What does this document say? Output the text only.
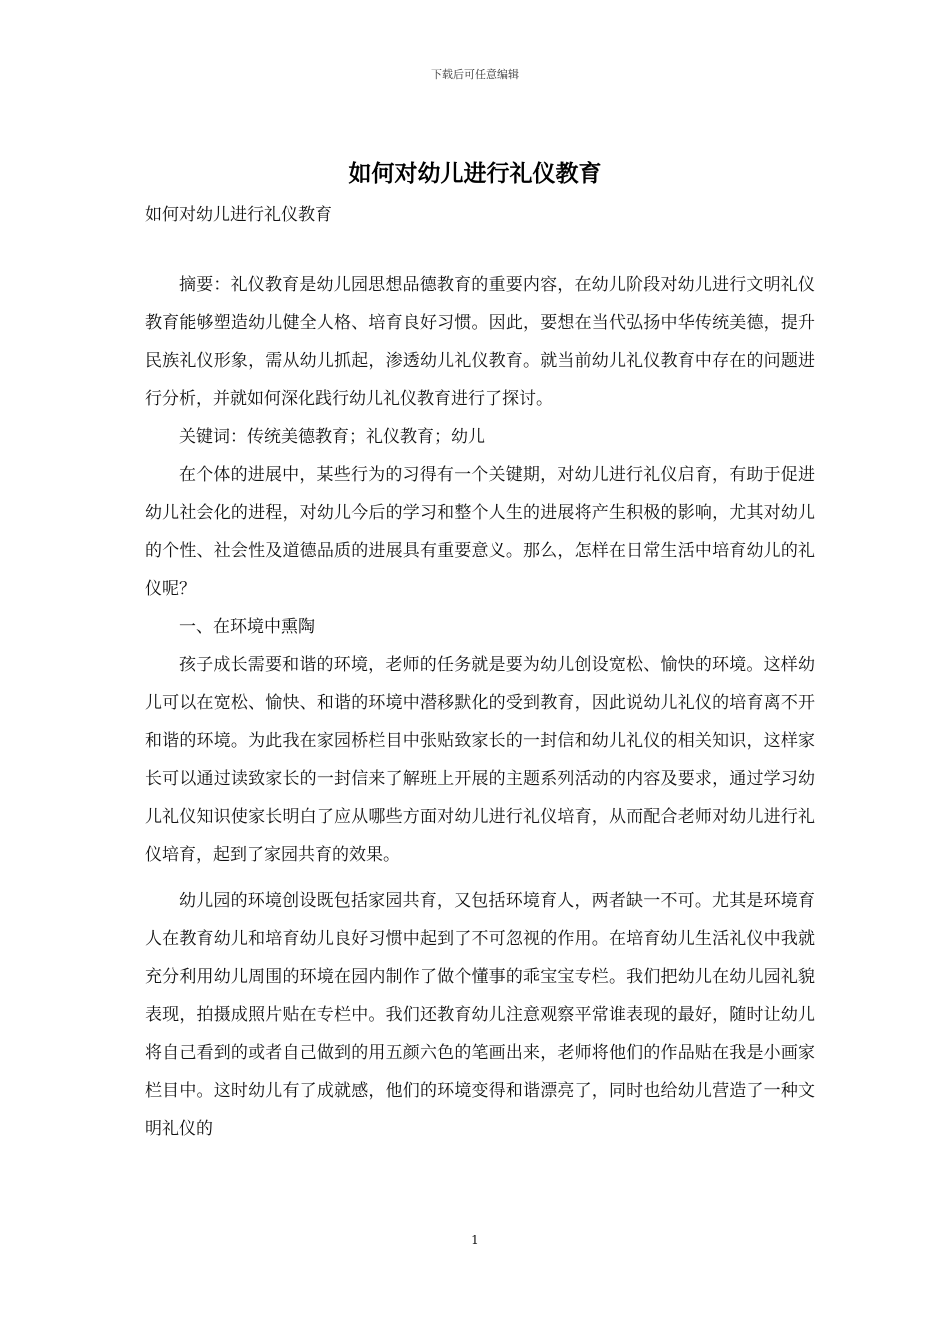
下载后可任意编辑
如何对幼儿进行礼仪教育

如何对幼儿进行礼仪教育

摘要：礼仪教育是幼儿园思想品德教育的重要内容，在幼儿阶段对幼儿进行文明礼仪教育能够塑造幼儿健全人格、培育良好习惯。因此，要想在当代弘扬中华传统美德，提升民族礼仪形象，需从幼儿抓起，渗透幼儿礼仪教育。就当前幼儿礼仪教育中存在的问题进行分析，并就如何深化践行幼儿礼仪教育进行了探讨。

关键词：传统美德教育；礼仪教育；幼儿

在个体的进展中，某些行为的习得有一个关键期，对幼儿进行礼仪启育，有助于促进幼儿社会化的进程，对幼儿今后的学习和整个人生的进展将产生积极的影响，尤其对幼儿的个性、社会性及道德品质的进展具有重要意义。那么，怎样在日常生活中培育幼儿的礼仪呢？

一、在环境中熏陶

孩子成长需要和谐的环境，老师的任务就是要为幼儿创设宽松、愉快的环境。这样幼儿可以在宽松、愉快、和谐的环境中潜移默化的受到教育，因此说幼儿礼仪的培育离不开和谐的环境。为此我在家园桥栏目中张贴致家长的一封信和幼儿礼仪的相关知识，这样家长可以通过读致家长的一封信来了解班上开展的主题系列活动的内容及要求，通过学习幼儿礼仪知识使家长明白了应从哪些方面对幼儿进行礼仪培育，从而配合老师对幼儿进行礼仪培育，起到了家园共育的效果。

幼儿园的环境创设既包括家园共育，又包括环境育人，两者缺一不可。尤其是环境育人在教育幼儿和培育幼儿良好习惯中起到了不可忽视的作用。在培育幼儿生活礼仪中我就充分利用幼儿周围的环境在园内制作了做个懂事的乖宝宝专栏。我们把幼儿在幼儿园礼貌表现，拍摄成照片贴在专栏中。我们还教育幼儿注意观察平常谁表现的最好，随时让幼儿将自己看到的或者自己做到的用五颜六色的笔画出来，老师将他们的作品贴在我是小画家栏目中。这时幼儿有了成就感，他们的环境变得和谐漂亮了，同时也给幼儿营造了一种文明礼仪的

1
